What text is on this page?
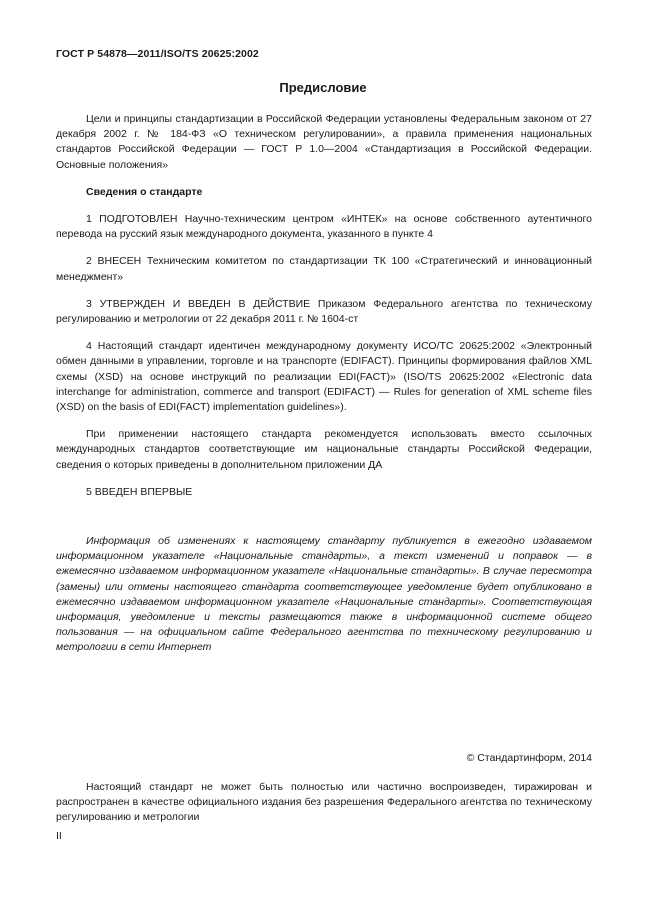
ГОСТ Р 54878—2011/ISO/TS 20625:2002
Предисловие

Цели и принципы стандартизации в Российской Федерации установлены Федеральным законом от 27 декабря 2002 г. № 184-ФЗ «О техническом регулировании», а правила применения национальных стандартов Российской Федерации — ГОСТ Р 1.0—2004 «Стандартизация в Российской Федерации. Основные положения»

Сведения о стандарте

1 ПОДГОТОВЛЕН Научно-техническим центром «ИНТЕК» на основе собственного аутентичного перевода на русский язык международного документа, указанного в пункте 4

2 ВНЕСЕН Техническим комитетом по стандартизации ТК 100 «Стратегический и инновационный менеджмент»

3 УТВЕРЖДЕН И ВВЕДЕН В ДЕЙСТВИЕ Приказом Федерального агентства по техническому регулированию и метрологии от 22 декабря 2011 г. № 1604-ст

4 Настоящий стандарт идентичен международному документу ИСО/ТС 20625:2002 «Электронный обмен данными в управлении, торговле и на транспорте (EDIFACT). Принципы формирования файлов XML схемы (XSD) на основе инструкций по реализации EDI(FACT)» (ISO/TS 20625:2002 «Electronic data interchange for administration, commerce and transport (EDIFACT) — Rules for generation of XML scheme files (XSD) on the basis of EDI(FACT) implementation guidelines»).

При применении настоящего стандарта рекомендуется использовать вместо ссылочных международных стандартов соответствующие им национальные стандарты Российской Федерации, сведения о которых приведены в дополнительном приложении ДА

5 ВВЕДЕН ВПЕРВЫЕ

Информация об изменениях к настоящему стандарту публикуется в ежегодно издаваемом информационном указателе «Национальные стандарты», а текст изменений и поправок — в ежемесячно издаваемом информационном указателе «Национальные стандарты». В случае пересмотра (замены) или отмены настоящего стандарта соответствующее уведомление будет опубликовано в ежемесячно издаваемом информационном указателе «Национальные стандарты». Соответствующая информация, уведомление и тексты размещаются также в информационной системе общего пользования — на официальном сайте Федерального агентства по техническому регулированию и метрологии в сети Интернет

© Стандартинформ, 2014

Настоящий стандарт не может быть полностью или частично воспроизведен, тиражирован и распространен в качестве официального издания без разрешения Федерального агентства по техническому регулированию и метрологии

II
